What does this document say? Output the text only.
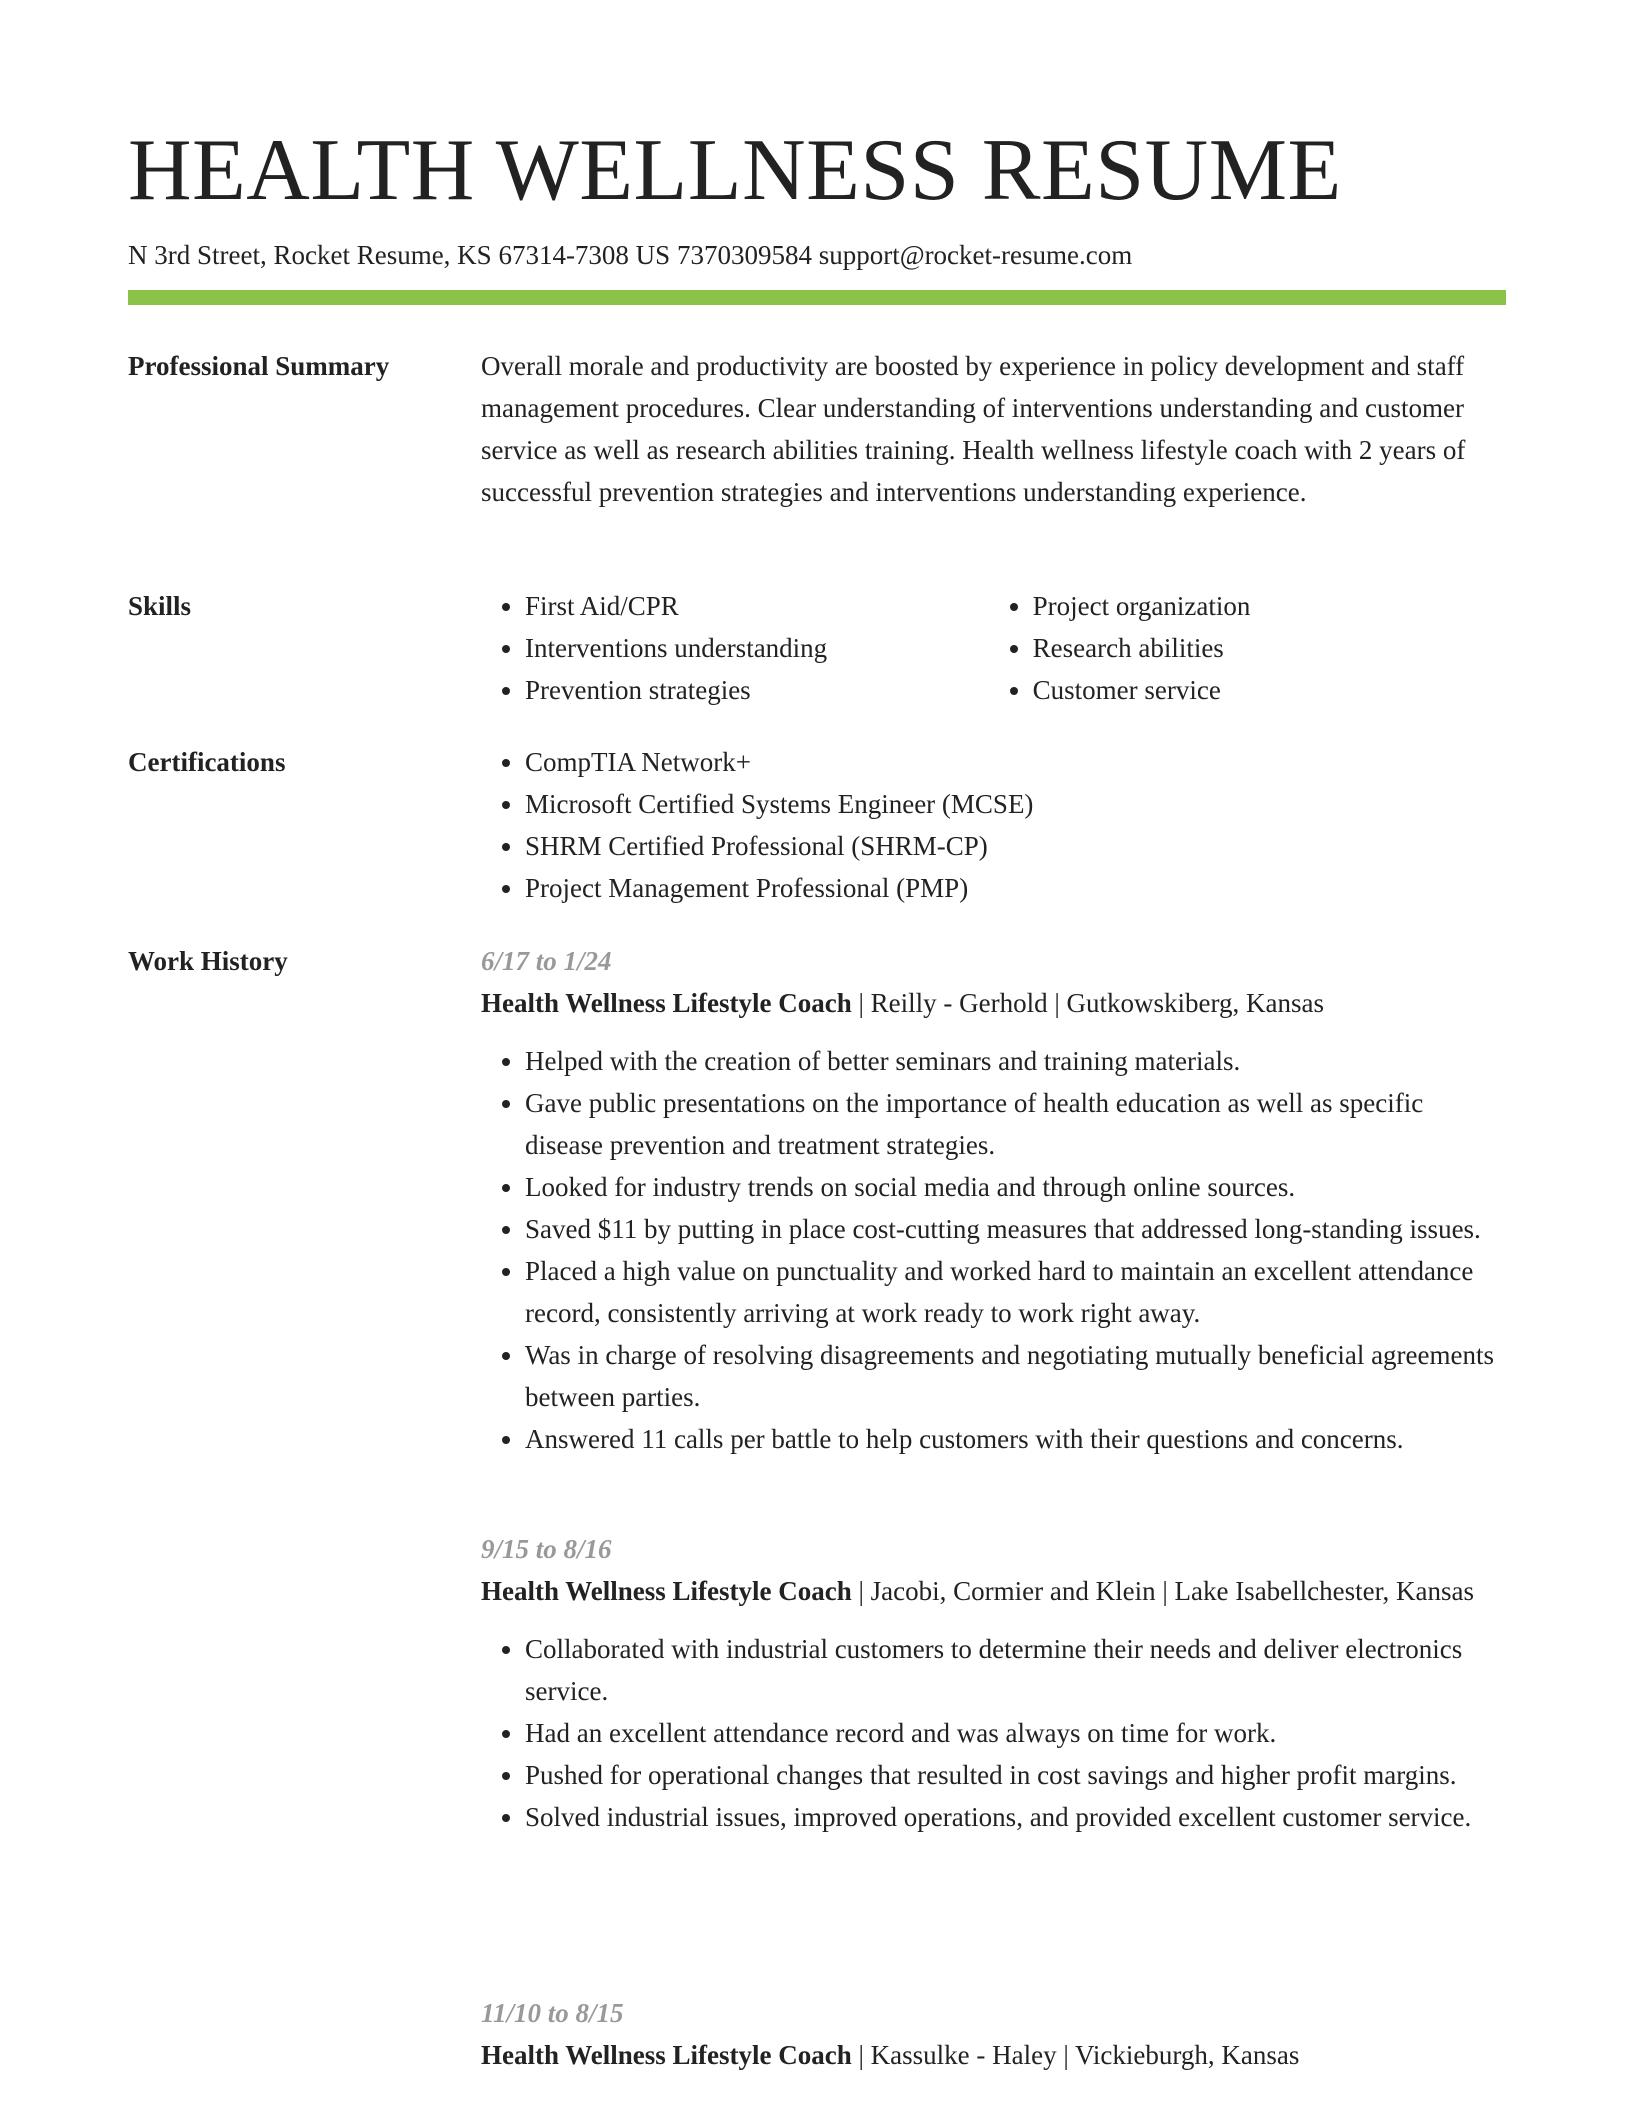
HEALTH WELLNESS RESUME
N 3rd Street, Rocket Resume, KS 67314-7308 US 7370309584 support@rocket-resume.com
Professional Summary	Overall morale and productivity are boosted by experience in policy development and staff management procedures. Clear understanding of interventions understanding and customer service as well as research abilities training. Health wellness lifestyle coach with 2 years of successful prevention strategies and interventions understanding experience.

Skills	• First Aid/CPR
• Interventions understanding
• Prevention strategies
• Project organization
• Research abilities
• Customer service
Certifications	• CompTIA Network+
• Microsoft Certified Systems Engineer (MCSE)
• SHRM Certified Professional (SHRM-CP)
• Project Management Professional (PMP)
Work History	6/17 to 1/24
Health Wellness Lifestyle Coach | Reilly - Gerhold | Gutkowskiberg, Kansas
• Helped with the creation of better seminars and training materials.
• Gave public presentations on the importance of health education as well as specific disease prevention and treatment strategies.
• Looked for industry trends on social media and through online sources.
• Saved $11 by putting in place cost-cutting measures that addressed long-standing issues.
• Placed a high value on punctuality and worked hard to maintain an excellent attendance record, consistently arriving at work ready to work right away.
• Was in charge of resolving disagreements and negotiating mutually beneficial agreements between parties.
• Answered 11 calls per battle to help customers with their questions and concerns.
9/15 to 8/16
Health Wellness Lifestyle Coach | Jacobi, Cormier and Klein | Lake Isabellchester, Kansas
• Collaborated with industrial customers to determine their needs and deliver electronics service.
• Had an excellent attendance record and was always on time for work.
• Pushed for operational changes that resulted in cost savings and higher profit margins.
• Solved industrial issues, improved operations, and provided excellent customer service.
11/10 to 8/15
Health Wellness Lifestyle Coach | Kassulke - Haley | Vickieburgh, Kansas
